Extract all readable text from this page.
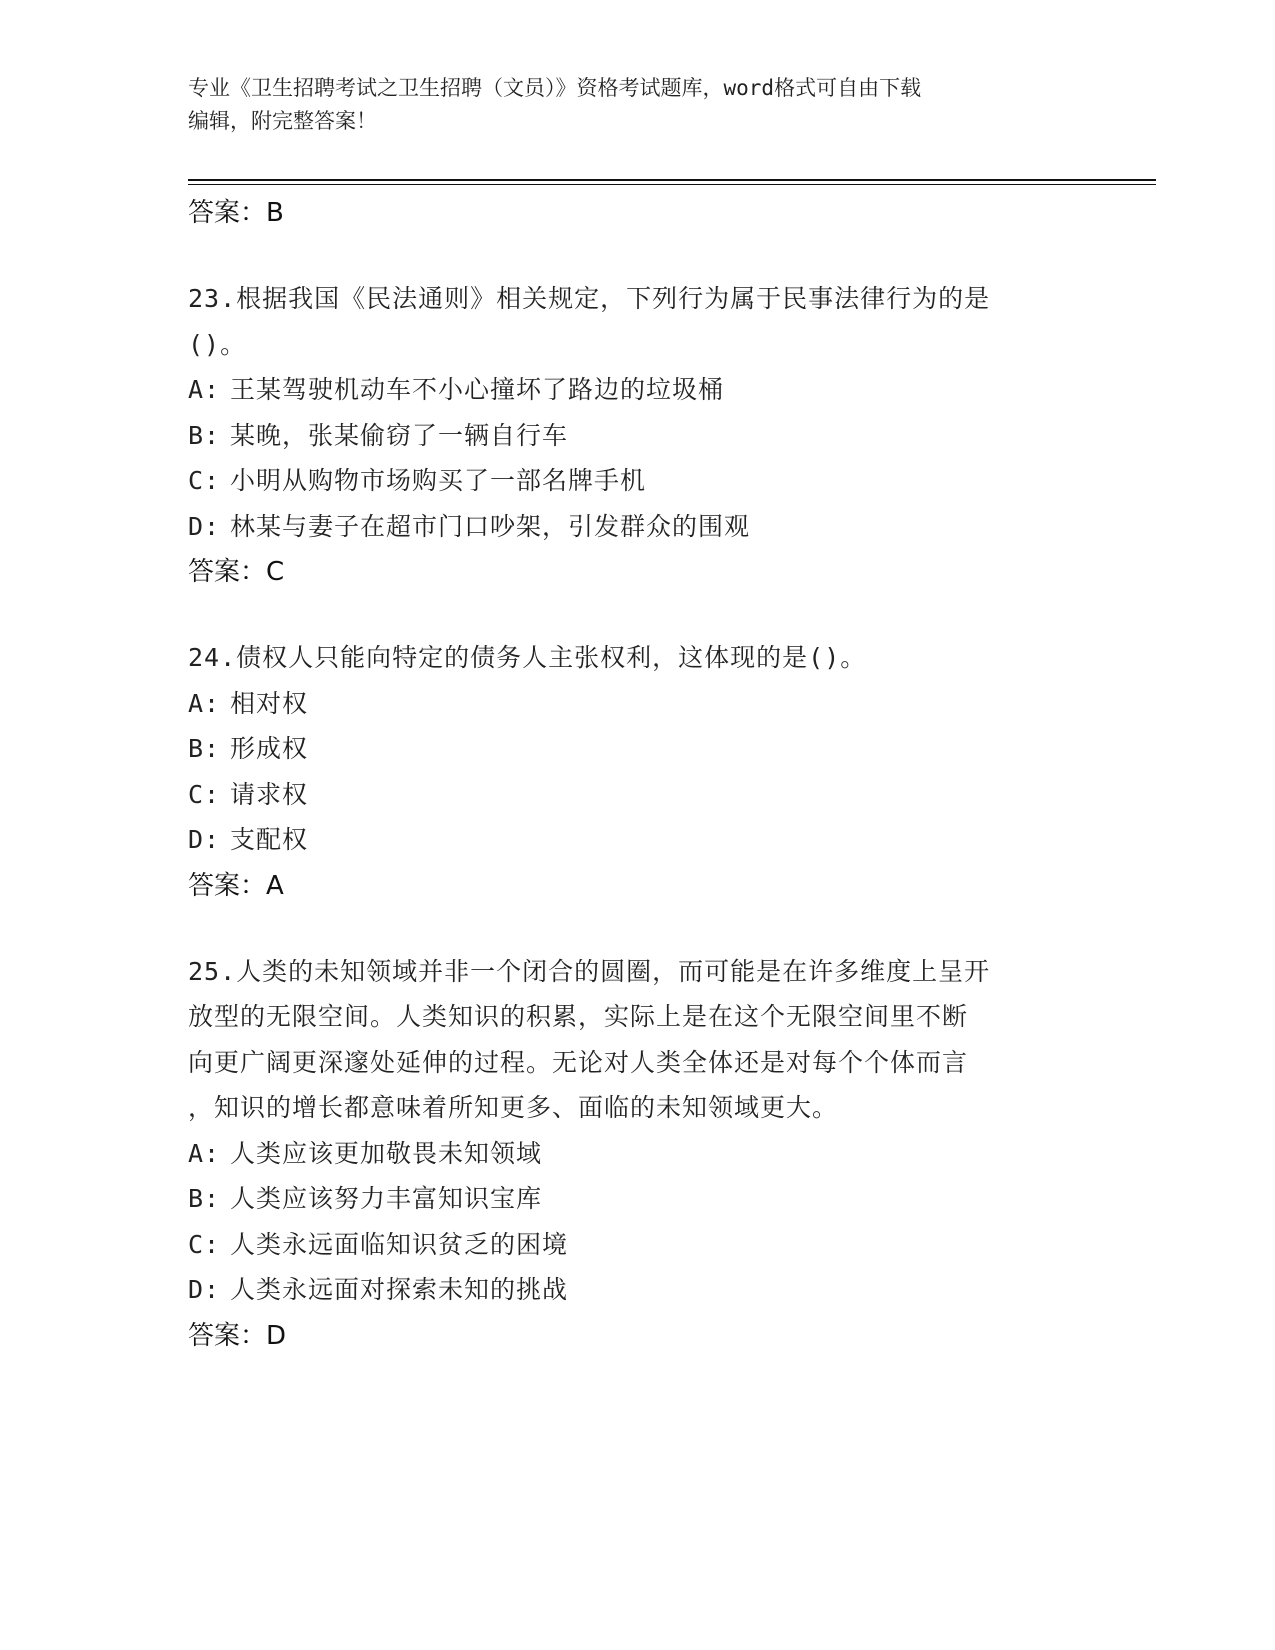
专业《卫生招聘考试之卫生招聘（文员）》资格考试题库，word格式可自由下载
编辑，附完整答案！
答案：B
23.根据我国《民法通则》相关规定，下列行为属于民事法律行为的是
()。
A: 王某驾驶机动车不小心撞坏了路边的垃圾桶
B: 某晚，张某偷窃了一辆自行车
C: 小明从购物市场购买了一部名牌手机
D: 林某与妻子在超市门口吵架，引发群众的围观
答案：C
24.债权人只能向特定的债务人主张权利，这体现的是()。
A: 相对权
B: 形成权
C: 请求权
D: 支配权
答案：A
25.人类的未知领域并非一个闭合的圆圈，而可能是在许多维度上呈开
放型的无限空间。人类知识的积累，实际上是在这个无限空间里不断
向更广阔更深邃处延伸的过程。无论对人类全体还是对每个个体而言
，知识的增长都意味着所知更多、面临的未知领域更大。
A: 人类应该更加敬畏未知领域
B: 人类应该努力丰富知识宝库
C: 人类永远面临知识贫乏的困境
D: 人类永远面对探索未知的挑战
答案：D
